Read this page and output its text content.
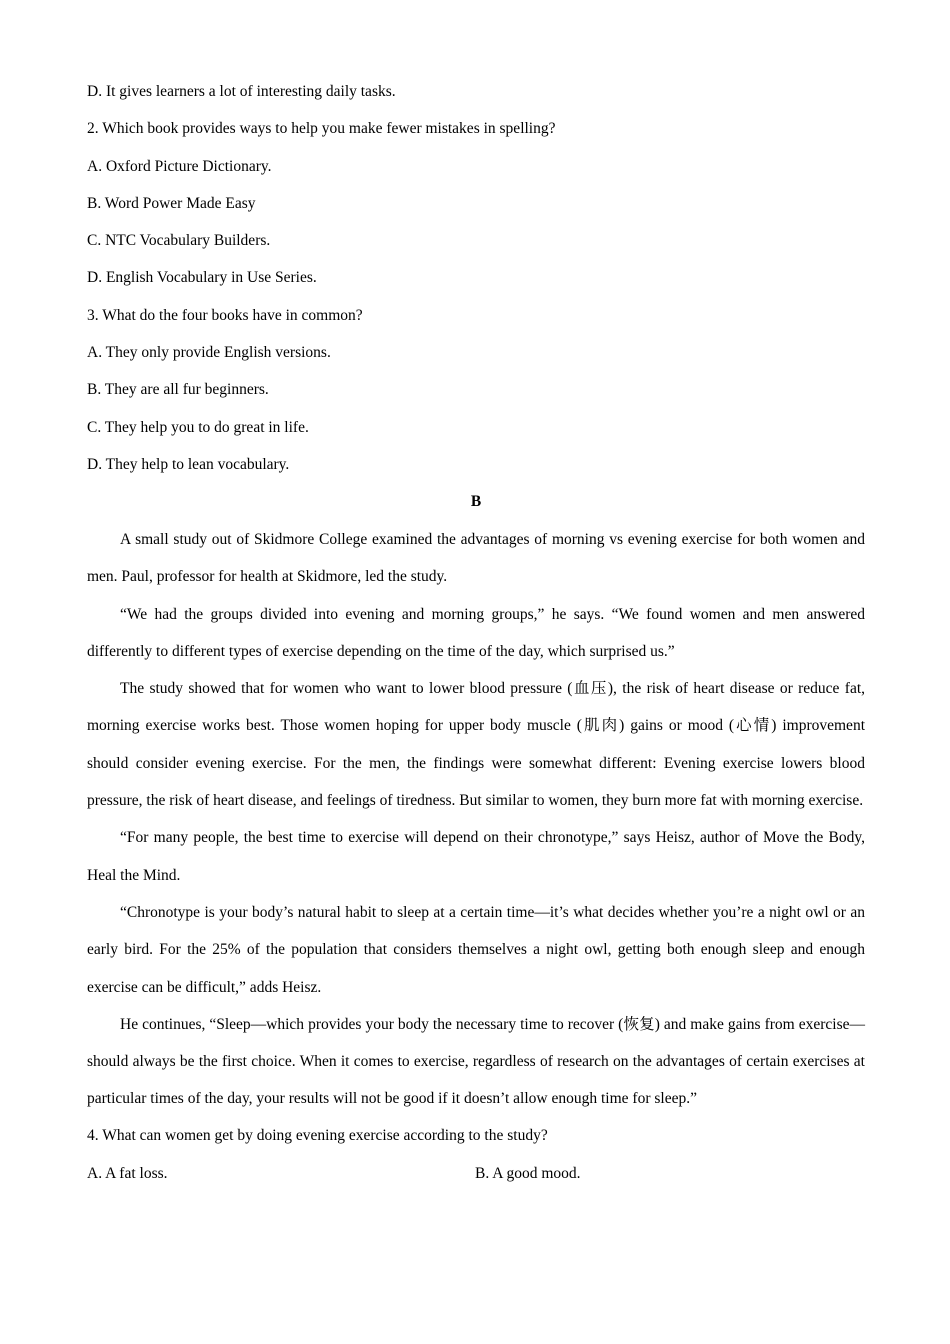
D. It gives learners a lot of interesting daily tasks.
2. Which book provides ways to help you make fewer mistakes in spelling?
A. Oxford Picture Dictionary.
B. Word Power Made Easy
C. NTC Vocabulary Builders.
D. English Vocabulary in Use Series.
3. What do the four books have in common?
A. They only provide English versions.
B. They are all fur beginners.
C. They help you to do great in life.
D. They help to lean vocabulary.
B

A small study out of Skidmore College examined the advantages of morning vs evening exercise for both women and men. Paul, professor for health at Skidmore, led the study.

“We had the groups divided into evening and morning groups,” he says. “We found women and men answered differently to different types of exercise depending on the time of the day, which surprised us.”

The study showed that for women who want to lower blood pressure (血压), the risk of heart disease or reduce fat, morning exercise works best. Those women hoping for upper body muscle (肌肉) gains or mood (心情) improvement should consider evening exercise. For the men, the findings were somewhat different: Evening exercise lowers blood pressure, the risk of heart disease, and feelings of tiredness. But similar to women, they burn more fat with morning exercise.

“For many people, the best time to exercise will depend on their chronotype,” says Heisz, author of Move the Body, Heal the Mind.

“Chronotype is your body’s natural habit to sleep at a certain time—it’s what decides whether you’re a night owl or an early bird. For the 25% of the population that considers themselves a night owl, getting both enough sleep and enough exercise can be difficult,” adds Heisz.

He continues, “Sleep—which provides your body the necessary time to recover (恢复) and make gains from exercise—should always be the first choice. When it comes to exercise, regardless of research on the advantages of certain exercises at particular times of the day, your results will not be good if it doesn’t allow enough time for sleep.”

4. What can women get by doing evening exercise according to the study?
A. A fat loss.	B. A good mood.
